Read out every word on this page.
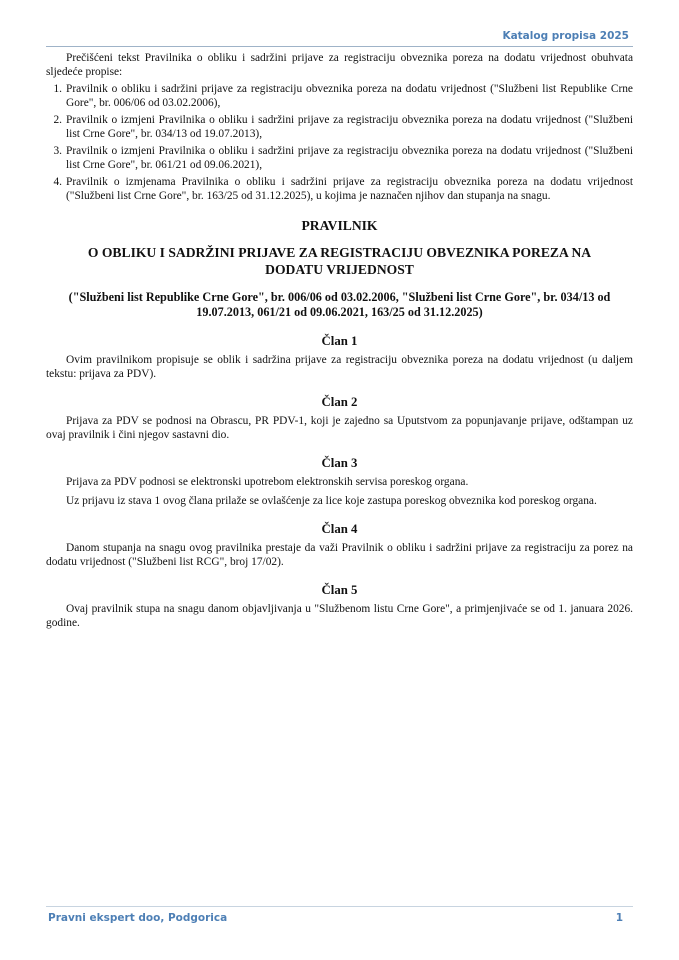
Katalog propisa 2025

Prečišćeni tekst Pravilnika o obliku i sadržini prijave za registraciju obveznika poreza na dodatu vrijednost obuhvata sljedeće propise:

1. Pravilnik o obliku i sadržini prijave za registraciju obveznika poreza na dodatu vrijednost ("Službeni list Republike Crne Gore", br. 006/06 od 03.02.2006),
2. Pravilnik o izmjeni Pravilnika o obliku i sadržini prijave za registraciju obveznika poreza na dodatu vrijednost ("Službeni list Crne Gore", br. 034/13 od 19.07.2013),
3. Pravilnik o izmjeni Pravilnika o obliku i sadržini prijave za registraciju obveznika poreza na dodatu vrijednost ("Službeni list Crne Gore", br. 061/21 od 09.06.2021),
4. Pravilnik o izmjenama Pravilnika o obliku i sadržini prijave za registraciju obveznika poreza na dodatu vrijednost ("Službeni list Crne Gore", br. 163/25 od 31.12.2025), u kojima je naznačen njihov dan stupanja na snagu.
PRAVILNIK
O OBLIKU I SADRŽINI PRIJAVE ZA REGISTRACIJU OBVEZNIKA POREZA NA DODATU VRIJEDNOST
("Službeni list Republike Crne Gore", br. 006/06 od 03.02.2006, "Službeni list Crne Gore", br. 034/13 od 19.07.2013, 061/21 od 09.06.2021, 163/25 od 31.12.2025)
Član 1

Ovim pravilnikom propisuje se oblik i sadržina prijave za registraciju obveznika poreza na dodatu vrijednost (u daljem tekstu: prijava za PDV).

Član 2

Prijava za PDV se podnosi na Obrascu, PR PDV-1, koji je zajedno sa Uputstvom za popunjavanje prijave, odštampan uz ovaj pravilnik i čini njegov sastavni dio.

Član 3

Prijava za PDV podnosi se elektronski upotrebom elektronskih servisa poreskog organa.

Uz prijavu iz stava 1 ovog člana prilaže se ovlašćenje za lice koje zastupa poreskog obveznika kod poreskog organa.

Član 4

Danom stupanja na snagu ovog pravilnika prestaje da važi Pravilnik o obliku i sadržini prijave za registraciju za porez na dodatu vrijednost ("Službeni list RCG", broj 17/02).

Član 5

Ovaj pravilnik stupa na snagu danom objavljivanja u "Službenom listu Crne Gore", a primjenjivaće se od 1. januara 2026. godine.

Pravni ekspert doo, Podgorica	1
